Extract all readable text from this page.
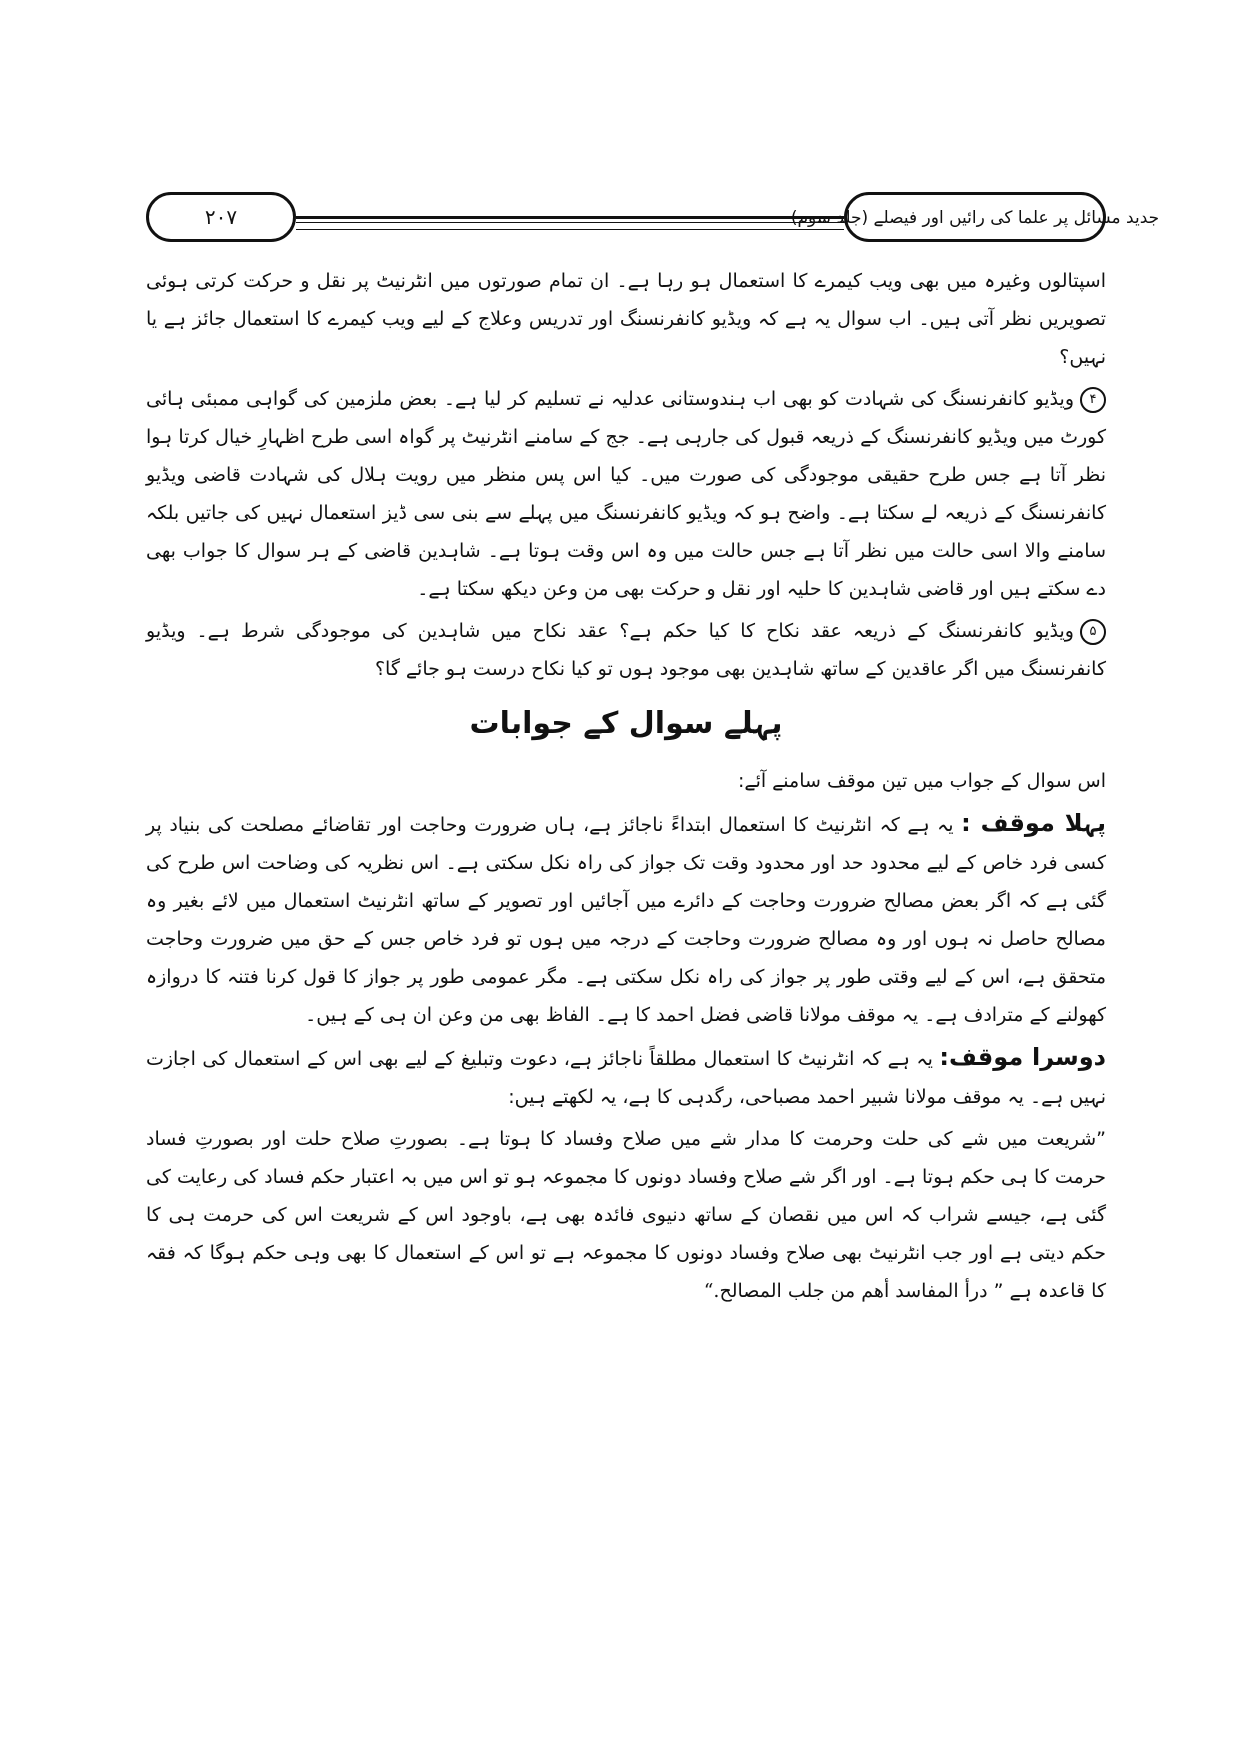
۲۰۷	جدید مسائل پر علما کی رائیں اور فیصلے (جلد سوم)

اسپتالوں وغیرہ میں بھی ویب کیمرے کا استعمال ہو رہا ہے۔ ان تمام صورتوں میں انٹرنیٹ پر نقل و حرکت کرتی ہوئی تصویریں نظر آتی ہیں۔ اب سوال یہ ہے کہ ویڈیو کانفرنسنگ اور تدریس وعلاج کے لیے ویب کیمرے کا استعمال جائز ہے یا نہیں؟

۴ویڈیو کانفرنسنگ کی شہادت کو بھی اب ہندوستانی عدلیہ نے تسلیم کر لیا ہے۔ بعض ملزمین کی گواہی ممبئی ہائی کورٹ میں ویڈیو کانفرنسنگ کے ذریعہ قبول کی جارہی ہے۔ جج کے سامنے انٹرنیٹ پر گواہ اسی طرح اظہارِ خیال کرتا ہوا نظر آتا ہے جس طرح حقیقی موجودگی کی صورت میں۔ کیا اس پس منظر میں رویت ہلال کی شہادت قاضی ویڈیو کانفرنسنگ کے ذریعہ لے سکتا ہے۔ واضح ہو کہ ویڈیو کانفرنسنگ میں پہلے سے بنی سی ڈیز استعمال نہیں کی جاتیں بلکہ سامنے والا اسی حالت میں نظر آتا ہے جس حالت میں وہ اس وقت ہوتا ہے۔ شاہدین قاضی کے ہر سوال کا جواب بھی دے سکتے ہیں اور قاضی شاہدین کا حلیہ اور نقل و حرکت بھی من وعن دیکھ سکتا ہے۔

۵ویڈیو کانفرنسنگ کے ذریعہ عقد نکاح کا کیا حکم ہے؟ عقد نکاح میں شاہدین کی موجودگی شرط ہے۔ ویڈیو کانفرنسنگ میں اگر عاقدین کے ساتھ شاہدین بھی موجود ہوں تو کیا نکاح درست ہو جائے گا؟

پہلے سوال کے جوابات

اس سوال کے جواب میں تین موقف سامنے آئے:

پہلا موقف : یہ ہے کہ انٹرنیٹ کا استعمال ابتداءً ناجائز ہے، ہاں ضرورت وحاجت اور تقاضائے مصلحت کی بنیاد پر کسی فرد خاص کے لیے محدود حد اور محدود وقت تک جواز کی راہ نکل سکتی ہے۔ اس نظریہ کی وضاحت اس طرح کی گئی ہے کہ اگر بعض مصالح ضرورت وحاجت کے دائرے میں آجائیں اور تصویر کے ساتھ انٹرنیٹ استعمال میں لائے بغیر وہ مصالح حاصل نہ ہوں اور وہ مصالح ضرورت وحاجت کے درجہ میں ہوں تو فرد خاص جس کے حق میں ضرورت وحاجت متحقق ہے، اس کے لیے وقتی طور پر جواز کی راہ نکل سکتی ہے۔ مگر عمومی طور پر جواز کا قول کرنا فتنہ کا دروازہ کھولنے کے مترادف ہے۔ یہ موقف مولانا قاضی فضل احمد کا ہے۔ الفاظ بھی من وعن ان ہی کے ہیں۔

دوسرا موقف: یہ ہے کہ انٹرنیٹ کا استعمال مطلقاً ناجائز ہے، دعوت وتبلیغ کے لیے بھی اس کے استعمال کی اجازت نہیں ہے۔ یہ موقف مولانا شبیر احمد مصباحی، رگدہی کا ہے، یہ لکھتے ہیں:

”شریعت میں شے کی حلت وحرمت کا مدار شے میں صلاح وفساد کا ہوتا ہے۔ بصورتِ صلاح حلت اور بصورتِ فساد حرمت کا ہی حکم ہوتا ہے۔ اور اگر شے صلاح وفساد دونوں کا مجموعہ ہو تو اس میں بہ اعتبار حکم فساد کی رعایت کی گئی ہے، جیسے شراب کہ اس میں نقصان کے ساتھ دنیوی فائدہ بھی ہے، باوجود اس کے شریعت اس کی حرمت ہی کا حکم دیتی ہے اور جب انٹرنیٹ بھی صلاح وفساد دونوں کا مجموعہ ہے تو اس کے استعمال کا بھی وہی حکم ہوگا کہ فقہ کا قاعدہ ہے ” درأ المفاسد أهم من جلب المصالح.“
